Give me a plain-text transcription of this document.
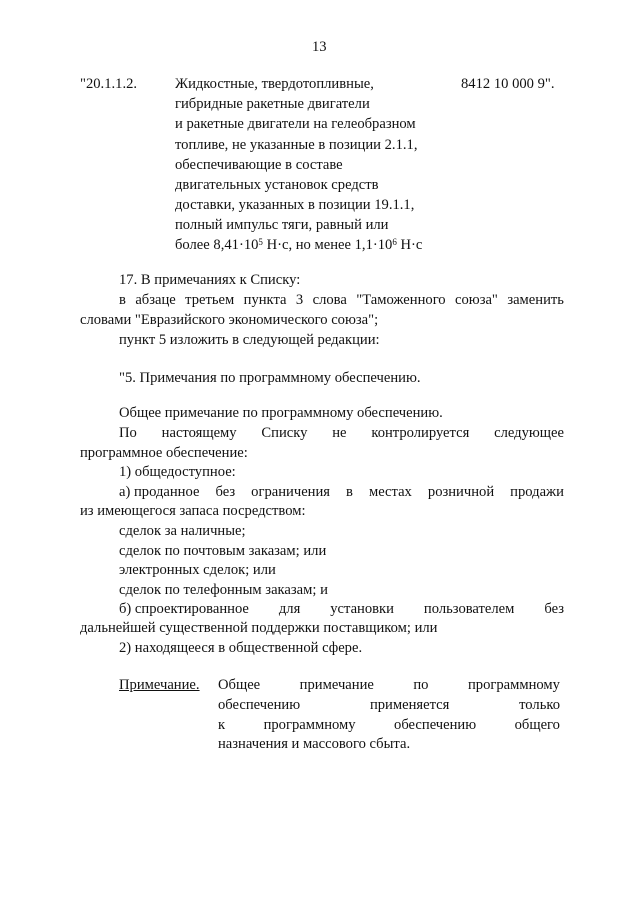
13
"20.1.1.2.	Жидкостные, твердотопливные,
гибридные ракетные двигатели
и ракетные двигатели на гелеобразном
топливе, не указанные в позиции 2.1.1,
обеспечивающие в составе
двигательных установок средств
доставки, указанных в позиции 19.1.1,
полный импульс тяги, равный или
более $8,41\cdot 10^5$ Н·с, но менее $1,1\cdot 10^6$ Н·с
8412 10 000 9".
17. В примечаниях к Списку:
в абзаце третьем пункта 3 слова "Таможенного союза" заменить
словами "Евразийского экономического союза";
пункт 5 изложить в следующей редакции:
"5. Примечания по программному обеспечению.
Общее примечание по программному обеспечению.
По настоящему Списку не контролируется следующее
программное обеспечение:
1) общедоступное:
а) проданное без ограничения в местах розничной продажи
из имеющегося запаса посредством:
сделок за наличные;
сделок по почтовым заказам; или
электронных сделок; или
сделок по телефонным заказам; и
б) спроектированное для установки пользователем без
дальнейшей существенной поддержки поставщиком; или
2) находящееся в общественной сфере.
Примечание. Общее	примечание	по	программному
обеспечению	применяется	только
к	программному	обеспечению	общего
назначения и массового сбыта.
